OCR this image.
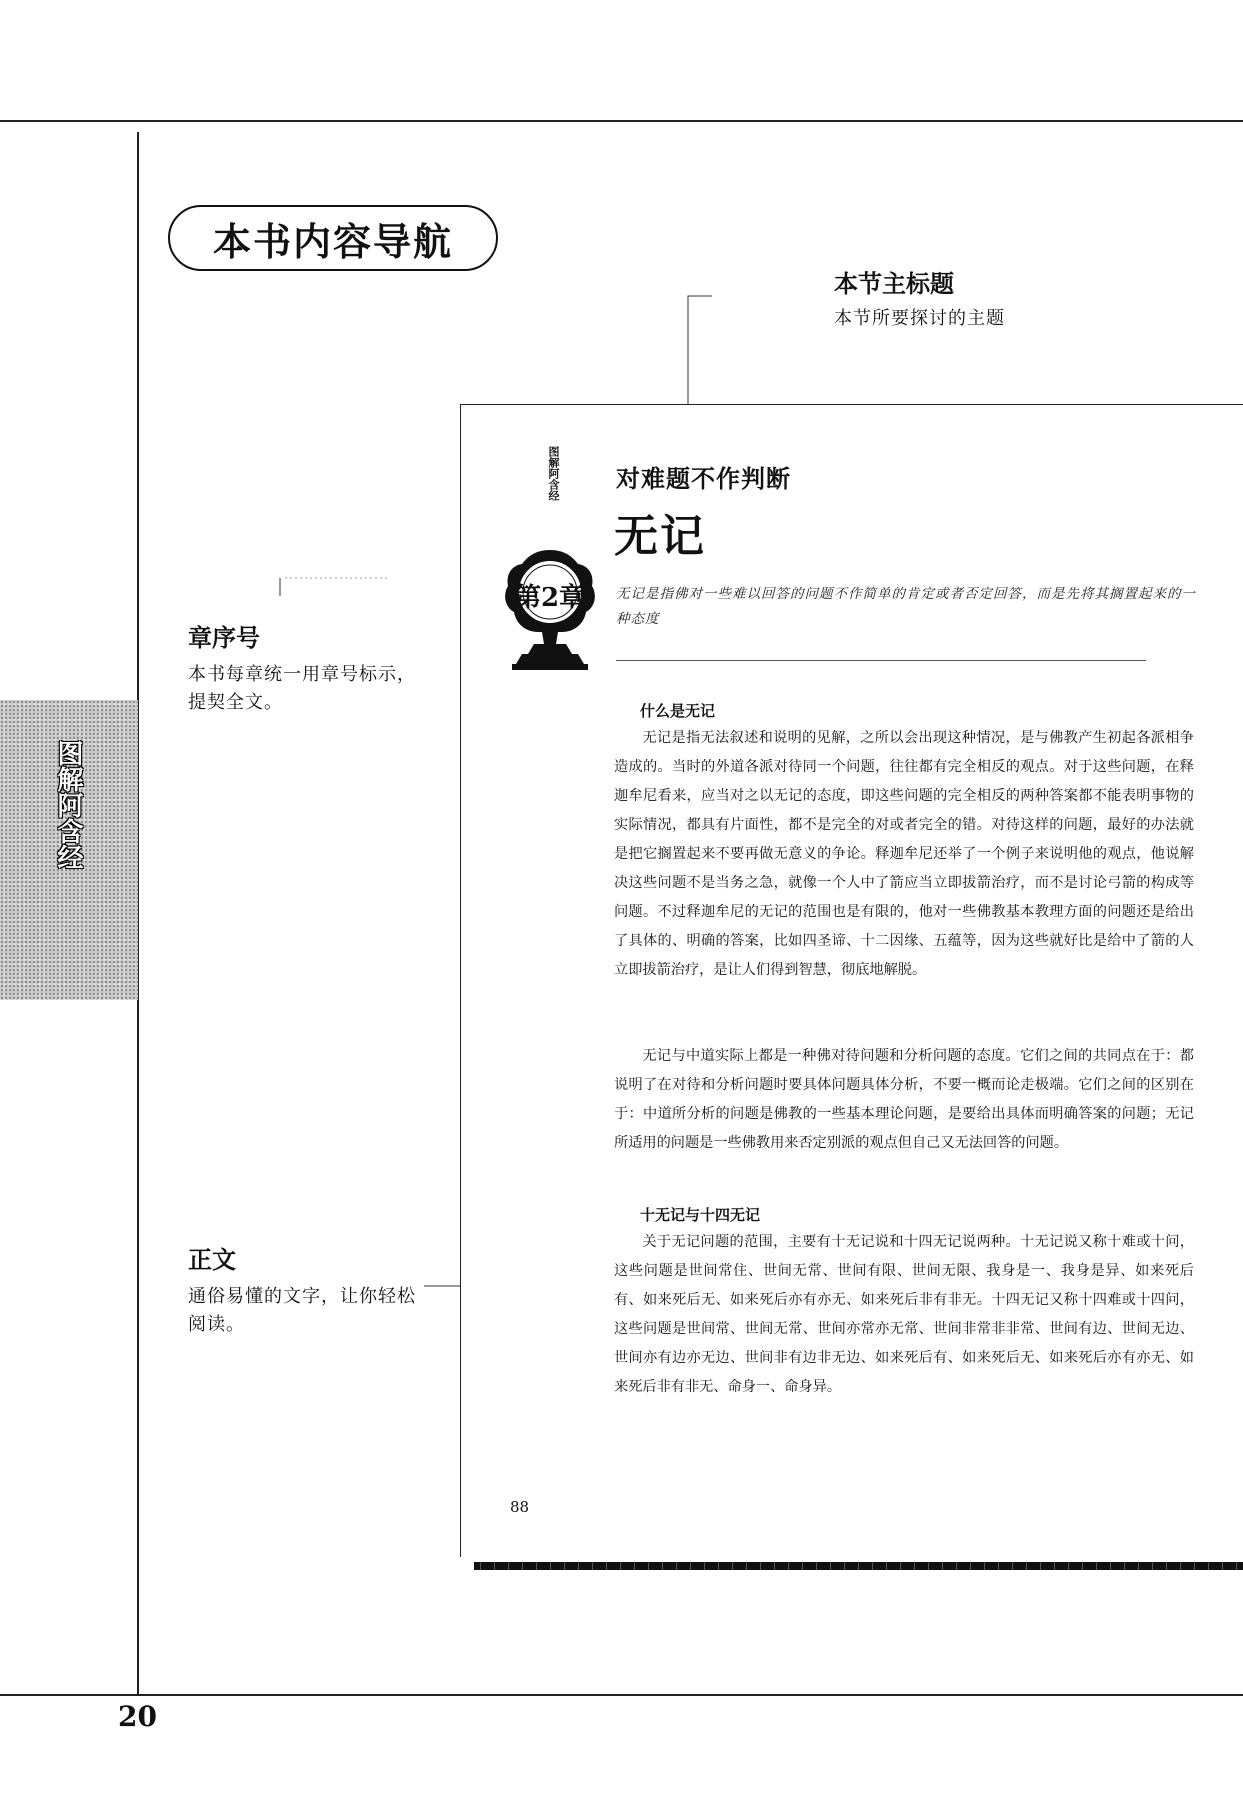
本书内容导航
本节主标题
本节所要探讨的主题
章序号
本书每章统一用章号标示，提契全文。
正文
通俗易懂的文字，让你轻松阅读。
图解阿含经
图解阿含经
第2章
对难题不作判断
无记
无记是指佛对一些难以回答的问题不作简单的肯定或者否定回答，而是先将其搁置起来的一种态度
什么是无记

无记是指无法叙述和说明的见解，之所以会出现这种情况，是与佛教产生初起各派相争造成的。当时的外道各派对待同一个问题，往往都有完全相反的观点。对于这些问题，在释迦牟尼看来，应当对之以无记的态度，即这些问题的完全相反的两种答案都不能表明事物的实际情况，都具有片面性，都不是完全的对或者完全的错。对待这样的问题，最好的办法就是把它搁置起来不要再做无意义的争论。释迦牟尼还举了一个例子来说明他的观点，他说解决这些问题不是当务之急，就像一个人中了箭应当立即拔箭治疗，而不是讨论弓箭的构成等问题。不过释迦牟尼的无记的范围也是有限的，他对一些佛教基本教理方面的问题还是给出了具体的、明确的答案，比如四圣谛、十二因缘、五蕴等，因为这些就好比是给中了箭的人立即拔箭治疗，是让人们得到智慧，彻底地解脱。

无记与中道实际上都是一种佛对待问题和分析问题的态度。它们之间的共同点在于：都说明了在对待和分析问题时要具体问题具体分析，不要一概而论走极端。它们之间的区别在于：中道所分析的问题是佛教的一些基本理论问题，是要给出具体而明确答案的问题；无记所适用的问题是一些佛教用来否定别派的观点但自己又无法回答的问题。

十无记与十四无记

关于无记问题的范围，主要有十无记说和十四无记说两种。十无记说又称十难或十问，这些问题是世间常住、世间无常、世间有限、世间无限、我身是一、我身是异、如来死后有、如来死后无、如来死后亦有亦无、如来死后非有非无。十四无记又称十四难或十四问，这些问题是世间常、世间无常、世间亦常亦无常、世间非常非非常、世间有边、世间无边、世间亦有边亦无边、世间非有边非无边、如来死后有、如来死后无、如来死后亦有亦无、如来死后非有非无、命身一、命身异。

88
20
